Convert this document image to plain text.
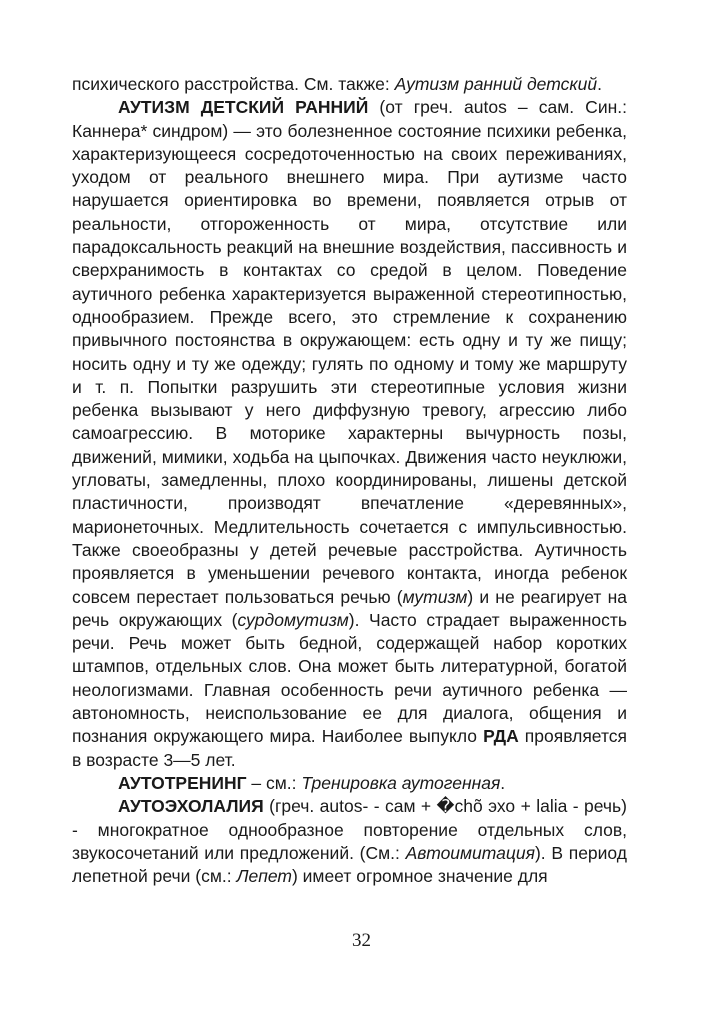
психического расстройства. См. также: Аутизм ранний детский.

АУТИЗМ ДЕТСКИЙ РАННИЙ (от греч. autos – сам. Син.: Каннера* синдром) — это болезненное состояние психики ребенка, характеризующееся сосредоточенностью на своих переживаниях, уходом от реального внешнего мира. При аутизме часто нарушается ориентировка во времени, появляется отрыв от реальности, отгороженность от мира, отсутствие или парадоксальность реакций на внешние воздействия, пассивность и сверхранимость в контактах со средой в целом. Поведение аутичного ребенка характеризуется выраженной стереотипностью, однообразием. Прежде всего, это стремление к сохранению привычного постоянства в окружающем: есть одну и ту же пищу; носить одну и ту же одежду; гулять по одному и тому же маршруту и т. п. Попытки разрушить эти стереотипные условия жизни ребенка вызывают у него диффузную тревогу, агрессию либо самоагрессию. В моторике характерны вычурность позы, движений, мимики, ходьба на цыпочках. Движения часто неуклюжи, угловаты, замедленны, плохо координированы, лишены детской пластичности, производят впечатление «деревянных», марионеточных. Медлительность сочетается с импульсивностью. Также своеобразны у детей речевые расстройства. Аутичность проявляется в уменьшении речевого контакта, иногда ребенок совсем перестает пользоваться речью (мутизм) и не реагирует на речь окружающих (сурдомутизм). Часто страдает выраженность речи. Речь может быть бедной, содержащей набор коротких штампов, отдельных слов. Она может быть литературной, богатой неологизмами. Главная особенность речи аутичного ребенка — автономность, неиспользование ее для диалога, общения и познания окружающего мира. Наиболее выпукло РДА проявляется в возрасте 3—5 лет.

АУТОТРЕНИНГ – см.: Тренировка аутогенная.

АУТОЭХОЛАЛИЯ (греч. autos- - сам + �chõ эхо + lalia - речь) - многократное однообразное повторение отдельных слов, звукосочетаний или предложений. (См.: Автоимитация). В период лепетной речи (см.: Лепет) имеет огромное значение для

32
